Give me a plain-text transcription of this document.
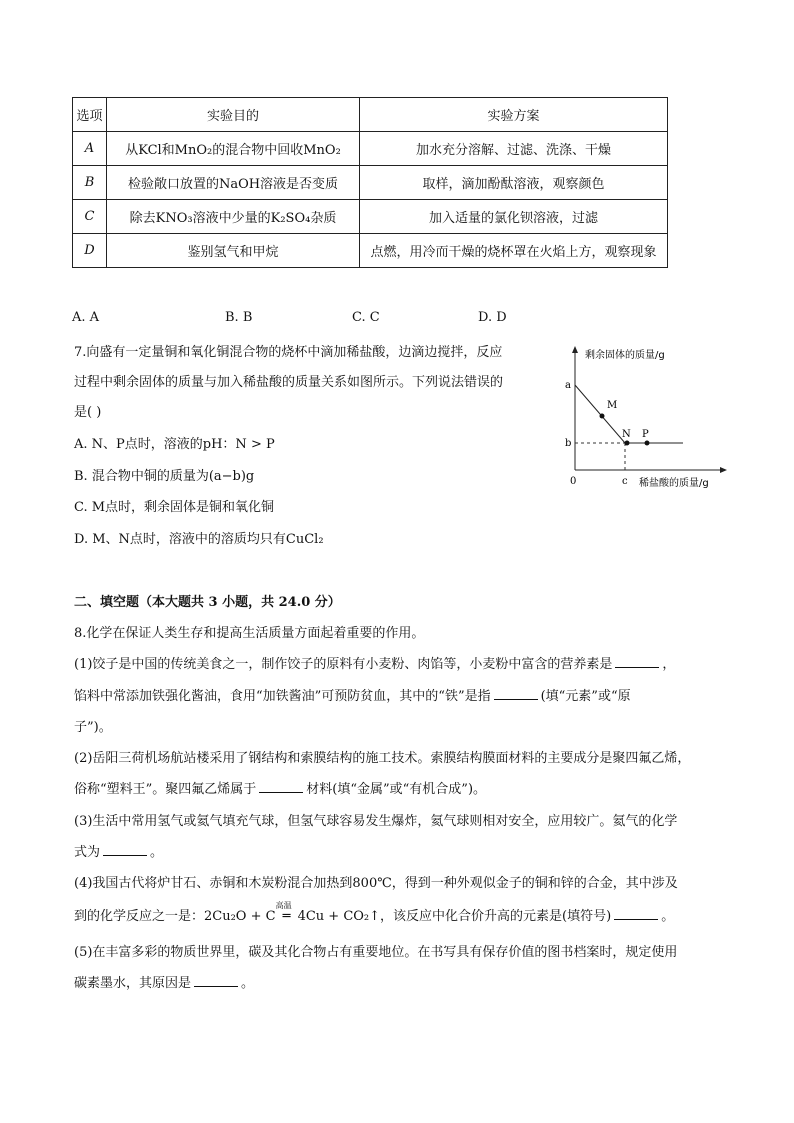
选项	实验目的	实验方案
A	从KCl和MnO₂的混合物中回收MnO₂	加水充分溶解、过滤、洗涤、干燥
B	检验敞口放置的NaOH溶液是否变质	取样，滴加酚酞溶液，观察颜色
C	除去KNO₃溶液中少量的K₂SO₄杂质	加入适量的氯化钡溶液，过滤
D	鉴别氢气和甲烷	点燃，用冷而干燥的烧杯罩在火焰上方，观察现象
A. A	B. B	C. C	D. D
7.向盛有一定量铜和氧化铜混合物的烧杯中滴加稀盐酸，边滴边搅拌，反应
过程中剩余固体的质量与加入稀盐酸的质量关系如图所示。下列说法错误的
是( )
A. N、P点时，溶液的pH：N > P
B. 混合物中铜的质量为(a−b)g
C. M点时，剩余固体是铜和氧化铜
D. M、N点时，溶液中的溶质均只有CuCl₂
剩余固体的质量/g
稀盐酸的质量/g
0
a
b
c
M
N P
二、填空题（本大题共 3 小题，共 24.0 分）
8.化学在保证人类生存和提高生活质量方面起着重要的作用。
(1)饺子是中国的传统美食之一，制作饺子的原料有小麦粉、肉馅等，小麦粉中富含的营养素是	，
馅料中常添加铁强化酱油，食用“加铁酱油”可预防贫血，其中的“铁”是指	(填“元素”或“原
子”)。
(2)岳阳三荷机场航站楼采用了钢结构和索膜结构的施工技术。索膜结构膜面材料的主要成分是聚四氟乙烯，
俗称“塑料王”。聚四氟乙烯属于	材料(填“金属”或“有机合成”)。
(3)生活中常用氢气或氦气填充气球，但氢气球容易发生爆炸，氦气球则相对安全，应用较广。氦气的化学
式为	。
(4)我国古代将炉甘石、赤铜和木炭粉混合加热到800℃，得到一种外观似金子的铜和锌的合金，其中涉及
到的化学反应之一是：2Cu₂O + C
高温
═ 4Cu + CO₂↑，该反应中化合价升高的元素是(填符号)	。
(5)在丰富多彩的物质世界里，碳及其化合物占有重要地位。在书写具有保存价值的图书档案时，规定使用
碳素墨水，其原因是	。
